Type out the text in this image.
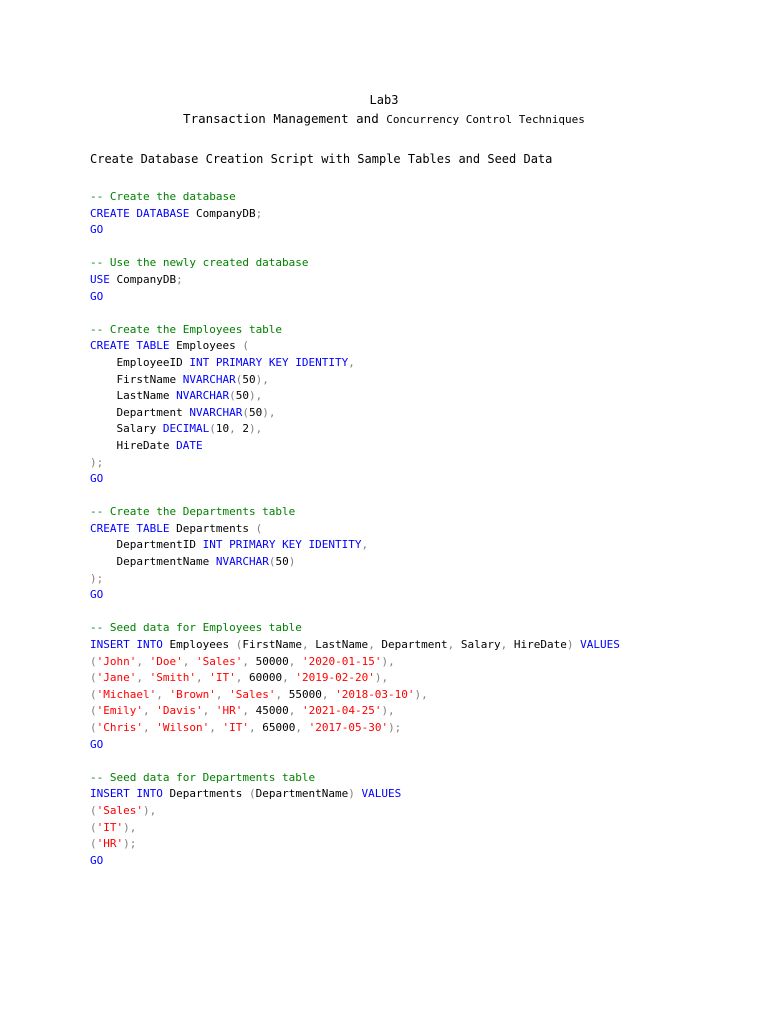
Lab3
Transaction Management and Concurrency Control Techniques
Create Database Creation Script with Sample Tables and Seed Data
-- Create the database
CREATE DATABASE CompanyDB;
GO

-- Use the newly created database
USE CompanyDB;
GO

-- Create the Employees table
CREATE TABLE Employees (
EmployeeID INT PRIMARY KEY IDENTITY,
FirstName NVARCHAR(50),
LastName NVARCHAR(50),
Department NVARCHAR(50),
Salary DECIMAL(10, 2),
HireDate DATE
);
GO

-- Create the Departments table
CREATE TABLE Departments (
DepartmentID INT PRIMARY KEY IDENTITY,
DepartmentName NVARCHAR(50)
);
GO

-- Seed data for Employees table
INSERT INTO Employees (FirstName, LastName, Department, Salary, HireDate) VALUES
('John', 'Doe', 'Sales', 50000, '2020-01-15'),
('Jane', 'Smith', 'IT', 60000, '2019-02-20'),
('Michael', 'Brown', 'Sales', 55000, '2018-03-10'),
('Emily', 'Davis', 'HR', 45000, '2021-04-25'),
('Chris', 'Wilson', 'IT', 65000, '2017-05-30');
GO

-- Seed data for Departments table
INSERT INTO Departments (DepartmentName) VALUES
('Sales'),
('IT'),
('HR');
GO
